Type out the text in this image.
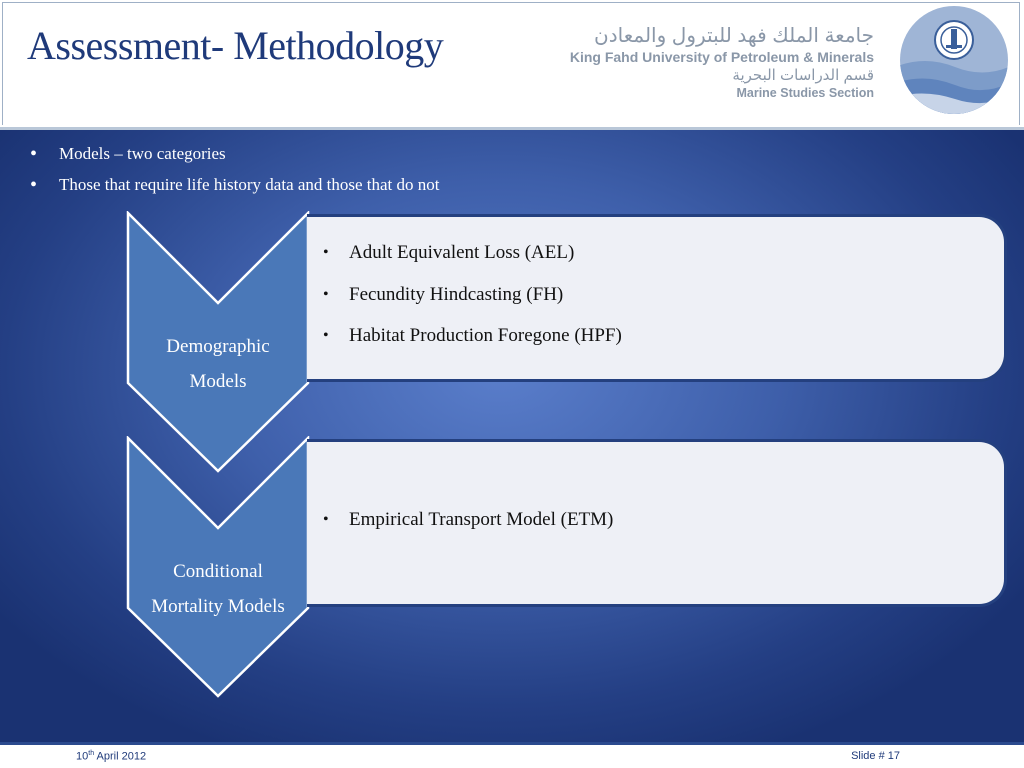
Assessment- Methodology	جامعة الملك فهد للبترول والمعادن
King Fahd University of Petroleum & Minerals
قسم الدراسات البحرية
Marine Studies Section
• Models – two categories
• Those that require life history data and those that do not
Demographic
Models
• Adult Equivalent Loss (AEL)
• Fecundity Hindcasting (FH)
• Habitat Production Foregone (HPF)
Conditional
Mortality Models
• Empirical Transport Model (ETM)
10th April 2012	Slide # 17
